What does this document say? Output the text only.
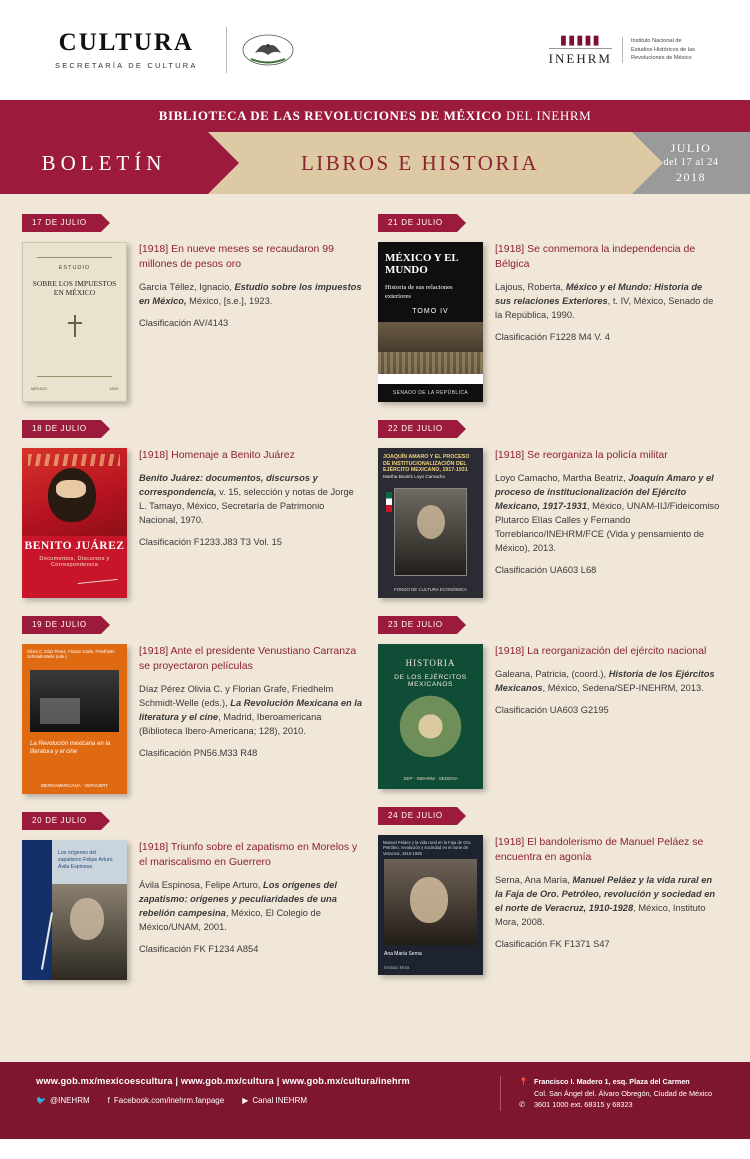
CULTURA
SECRETARÍA DE CULTURA
▮▮▮▮▮
INEHRM
Instituto Nacional de
Estudios Históricos de las
Revoluciones de México
BIBLIOTECA DE LAS REVOLUCIONES DE MÉXICO DEL INEHRM
BOLETÍN	LIBROS E HISTORIA
JULIO
del 17 al 24
2018
17 DE JULIO
ESTUDIO
SOBRE LOS IMPUESTOS EN MÉXICO
MÉXICO	1923
[1918] En nueve meses se recaudaron 99 millones de pesos oro
García Téllez, Ignacio, Estudio sobre los impuestos en México, México, [s.e.], 1923.
Clasificación AV/4143
18 DE JULIO
BENITO JUÁREZ
Documentos, Discursos y Correspondencia
[1918] Homenaje a Benito Juárez
Benito Juárez: documentos, discursos y correspondencia, v. 15, selección y notas de Jorge L. Tamayo, México, Secretaría de Patrimonio Nacional, 1970.
Clasificación F1233.J83 T3 Vol. 15
19 DE JULIO
Olivia C. Díaz Pérez, Florian Grafe, Friedhelm Schmidt-Welle (eds.)
La Revolución mexicana en la literatura y el cine
IBEROAMERICANA · VERVUERT
[1918] Ante el presidente Venustiano Carranza se proyectaron películas
Díaz Pérez Olivia C. y Florian Grafe, Friedhelm Schmidt-Welle (eds.), La Revolución Mexicana en la literatura y el cine, Madrid, Iberoamericana (Biblioteca Ibero-Americana; 128), 2010.
Clasificación PN56.M33 R48
20 DE JULIO
Los orígenes del zapatismo Felipe Arturo Ávila Espinosa
[1918] Triunfo sobre el zapatismo en Morelos y el mariscalismo en Guerrero
Ávila Espinosa, Felipe Arturo, Los orígenes del zapatismo: orígenes y peculiaridades de una rebelión campesina, México, El Colegio de México/UNAM, 2001.
Clasificación FK F1234 A854
21 DE JULIO
MÉXICO Y EL MUNDO
Historia de sus relaciones exteriores
TOMO IV
SENADO DE LA REPÚBLICA
[1918] Se conmemora la independencia de Bélgica
Lajous, Roberta, México y el Mundo: Historia de sus relaciones Exteriores, t. IV, México, Senado de la República, 1990.
Clasificación F1228 M4 V. 4
22 DE JULIO
JOAQUÍN AMARO Y EL PROCESO DE INSTITUCIONALIZACIÓN DEL EJÉRCITO MEXICANO, 1917-1931
Martha Beatriz Loyo Camacho
FONDO DE CULTURA ECONÓMICA
[1918] Se reorganiza la policía militar
Loyo Camacho, Martha Beatriz, Joaquín Amaro y el proceso de institucionalización del Ejército Mexicano, 1917-1931, México, UNAM-IIJ/Fideicomiso Plutarco Elías Calles y Fernando Torreblanco/INEHRM/FCE (Vida y pensamiento de México), 2013.
Clasificación UA603 L68
23 DE JULIO
HISTORIA
DE LOS EJÉRCITOS MEXICANOS
SEP · INEHRM · SEDENA
[1918] La reorganización del ejército nacional
Galeana, Patricia, (coord.), Historia de los Ejércitos Mexicanos, México, Sedena/SEP-INEHRM, 2013.
Clasificación UA603 G2195
24 DE JULIO
Manuel Peláez y la vida rural en la Faja de Oro. Petróleo, revolución y sociedad en el norte de Veracruz, 1910-1928
Ana María Serna
Instituto Mora
[1918] El bandolerismo de Manuel Peláez se encuentra en agonía
Serna, Ana María, Manuel Peláez y la vida rural en la Faja de Oro. Petróleo, revolución y sociedad en el norte de Veracruz, 1910-1928, México, Instituto Mora, 2008.
Clasificación FK F1371 S47
www.gob.mx/mexicoescultura | www.gob.mx/cultura | www.gob.mx/cultura/inehrm
🐦 @INEHRM f Facebook.com/inehrm.fanpage ▶ Canal INEHRM
📍 Francisco I. Madero 1, esq. Plaza del Carmen
Col. San Ángel del. Álvaro Obregón, Ciudad de México
✆	3601 1000 ext. 68315 y 68323
